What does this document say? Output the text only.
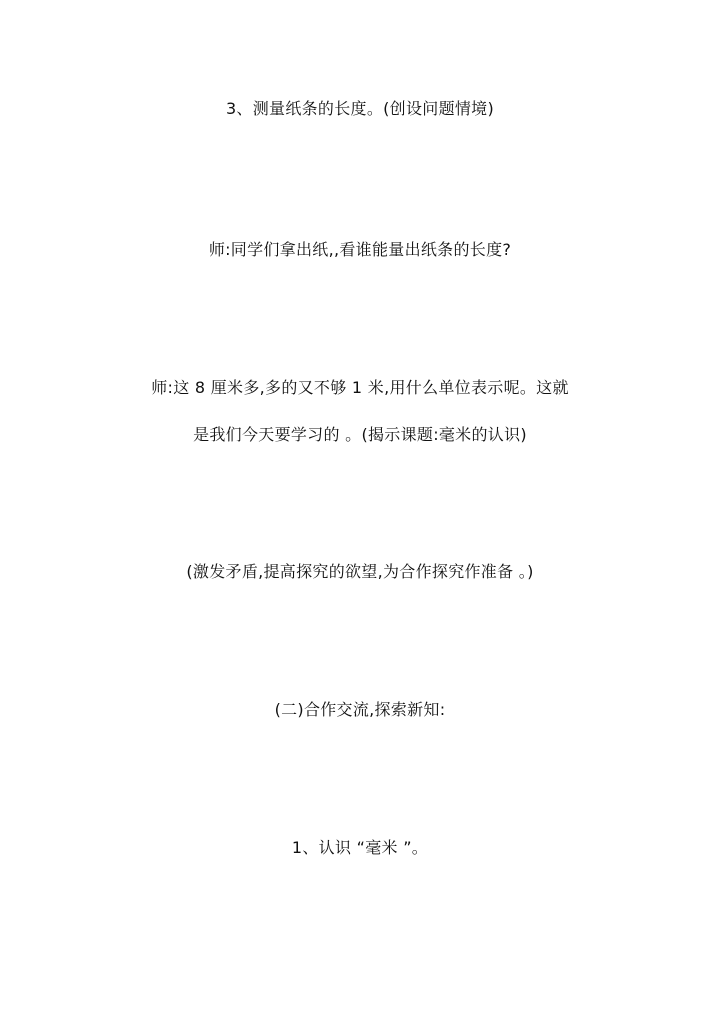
3、测量纸条的长度。(创设问题情境)
师:同学们拿出纸,,看谁能量出纸条的长度?
师:这 8 厘米多,多的又不够 1 米,用什么单位表示呢。这就
是我们今天要学习的 。(揭示课题:毫米的认识)
(激发矛盾,提高探究的欲望,为合作探究作准备 。)
(二)合作交流,探索新知:
1、认识 “毫米 ”。
